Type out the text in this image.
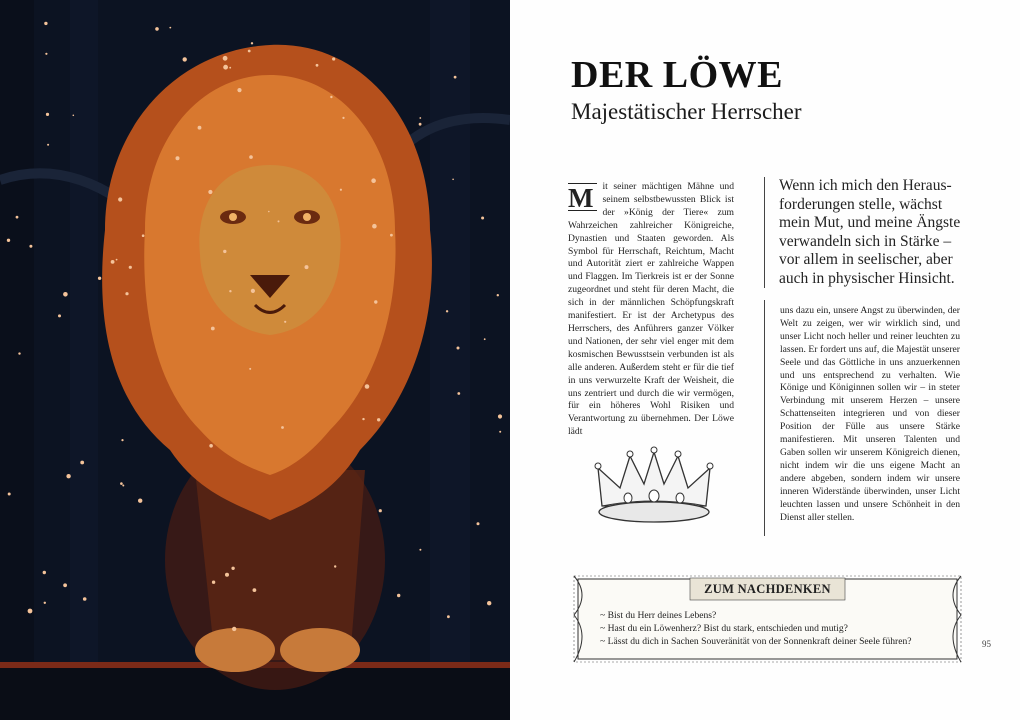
DER LÖWE
Majestätischer Herrscher
M it seiner mächtigen Mähne und seinem selbstbewussten Blick ist der »König der Tiere« zum Wahrzeichen zahlreicher Königreiche, Dynastien und Staaten geworden. Als Symbol für Herrschaft, Reichtum, Macht und Autorität ziert er zahlreiche Wappen und Flaggen. Im Tierkreis ist er der Sonne zugeordnet und steht für deren Macht, die sich in der männlichen Schöpfungskraft manifestiert. Er ist der Archetypus des Herrschers, des Anführers ganzer Völker und Nationen, der sehr viel enger mit dem kosmischen Bewusstsein verbunden ist als alle anderen. Außerdem steht er für die tief in uns verwurzelte Kraft der Weisheit, die uns zentriert und durch die wir vermögen, für ein höheres Wohl Risiken und Verantwortung zu übernehmen. Der Löwe lädt
Wenn ich mich den Heraus-
forderungen stelle, wächst
mein Mut, und meine Ängste
verwandeln sich in Stärke –
vor allem in seelischer, aber
auch in physischer Hinsicht.
uns dazu ein, unsere Angst zu überwinden, der Welt zu zeigen, wer wir wirklich sind, und unser Licht noch heller und reiner leuchten zu lassen. Er fordert uns auf, die Majestät unserer Seele und das Göttliche in uns anzuerkennen und uns entsprechend zu verhalten. Wie Könige und Königinnen sollen wir – in steter Verbindung mit unserem Herzen – unsere Schattenseiten integrieren und von dieser Position der Fülle aus unsere Stärke manifestieren. Mit unseren Talenten und Gaben sollen wir unserem Königreich dienen, nicht indem wir die uns eigene Macht an andere abgeben, sondern indem wir unsere inneren Widerstände überwinden, unser Licht leuchten lassen und unsere Schönheit in den Dienst aller stellen.
ZUM NACHDENKEN
~ Bist du Herr deines Lebens?
~ Hast du ein Löwenherz? Bist du stark, entschieden und mutig?
~ Lässt du dich in Sachen Souveränität von der Sonnenkraft deiner Seele führen?	95
